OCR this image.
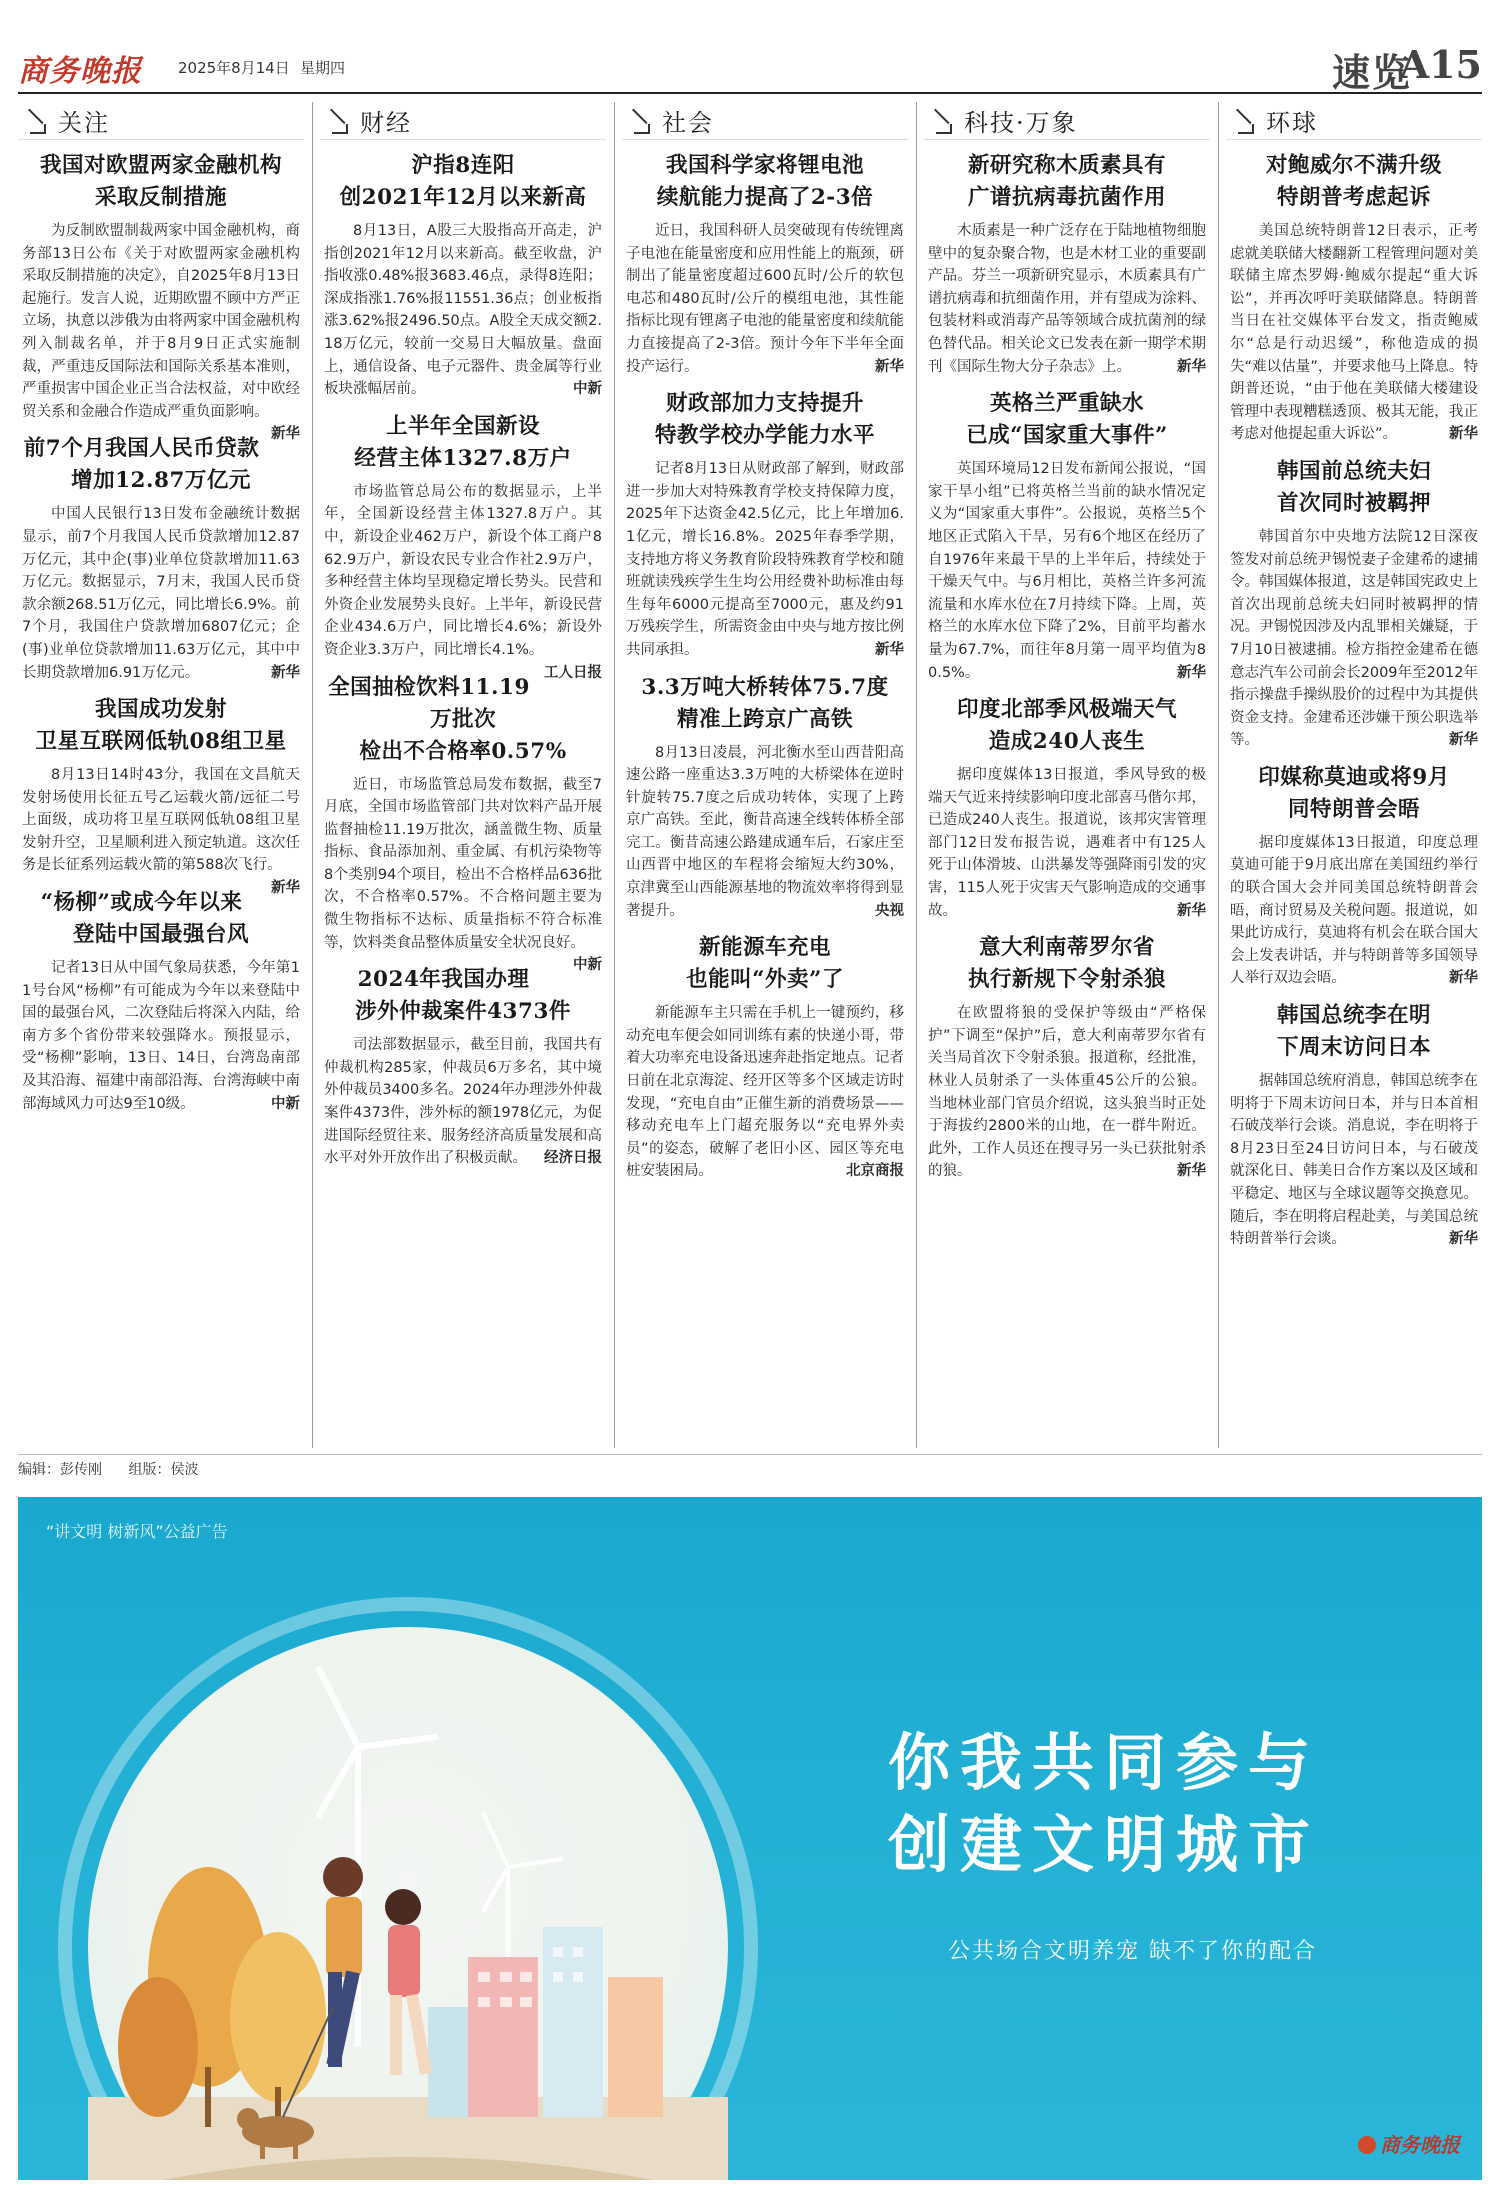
商务晚报 2025年8月14日 星期四	速览
A15
关注
我国对欧盟两家金融机构
采取反制措施
为反制欧盟制裁两家中国金融机构，商务部13日公布《关于对欧盟两家金融机构采取反制措施的决定》，自2025年8月13日起施行。发言人说，近期欧盟不顾中方严正立场，执意以涉俄为由将两家中国金融机构列入制裁名单，并于8月9日正式实施制裁，严重违反国际法和国际关系基本准则，严重损害中国企业正当合法权益，对中欧经贸关系和金融合作造成严重负面影响。
新华
前7个月我国人民币贷款
增加12.87万亿元
中国人民银行13日发布金融统计数据显示，前7个月我国人民币贷款增加12.87万亿元，其中企(事)业单位贷款增加11.63万亿元。数据显示，7月末，我国人民币贷款余额268.51万亿元，同比增长6.9%。前7个月，我国住户贷款增加6807亿元；企(事)业单位贷款增加11.63万亿元，其中中长期贷款增加6.91万亿元。	新华
我国成功发射
卫星互联网低轨08组卫星
8月13日14时43分，我国在文昌航天发射场使用长征五号乙运载火箭/远征二号上面级，成功将卫星互联网低轨08组卫星发射升空，卫星顺利进入预定轨道。这次任务是长征系列运载火箭的第588次飞行。
新华
“杨柳”或成今年以来
登陆中国最强台风
记者13日从中国气象局获悉，今年第11号台风“杨柳”有可能成为今年以来登陆中国的最强台风，二次登陆后将深入内陆，给南方多个省份带来较强降水。预报显示，受“杨柳”影响，13日、14日，台湾岛南部及其沿海、福建中南部沿海、台湾海峡中南部海域风力可达9至10级。	中新
财经
沪指8连阳
创2021年12月以来新高
8月13日，A股三大股指高开高走，沪指创2021年12月以来新高。截至收盘，沪指收涨0.48%报3683.46点，录得8连阳；深成指涨1.76%报11551.36点；创业板指涨3.62%报2496.50点。A股全天成交额2.18万亿元，较前一交易日大幅放量。盘面上，通信设备、电子元器件、贵金属等行业板块涨幅居前。	中新
上半年全国新设
经营主体1327.8万户
市场监管总局公布的数据显示，上半年，全国新设经营主体1327.8万户。其中，新设企业462万户，新设个体工商户862.9万户，新设农民专业合作社2.9万户，多种经营主体均呈现稳定增长势头。民营和外资企业发展势头良好。上半年，新设民营企业434.6万户，同比增长4.6%；新设外资企业3.3万户，同比增长4.1%。
工人日报
全国抽检饮料11.19万批次
检出不合格率0.57%
近日，市场监管总局发布数据，截至7月底，全国市场监管部门共对饮料产品开展监督抽检11.19万批次，涵盖微生物、质量指标、食品添加剂、重金属、有机污染物等8个类别94个项目，检出不合格样品636批次，不合格率0.57%。不合格问题主要为微生物指标不达标、质量指标不符合标准等，饮料类食品整体质量安全状况良好。
中新
2024年我国办理
涉外仲裁案件4373件
司法部数据显示，截至目前，我国共有仲裁机构285家，仲裁员6万多名，其中境外仲裁员3400多名。2024年办理涉外仲裁案件4373件，涉外标的额1978亿元，为促进国际经贸往来、服务经济高质量发展和高水平对外开放作出了积极贡献。 经济日报
社会
我国科学家将锂电池
续航能力提高了2-3倍
近日，我国科研人员突破现有传统锂离子电池在能量密度和应用性能上的瓶颈，研制出了能量密度超过600瓦时/公斤的软包电芯和480瓦时/公斤的模组电池，其性能指标比现有锂离子电池的能量密度和续航能力直接提高了2-3倍。预计今年下半年全面投产运行。	新华
财政部加力支持提升
特教学校办学能力水平
记者8月13日从财政部了解到，财政部进一步加大对特殊教育学校支持保障力度，2025年下达资金42.5亿元，比上年增加6.1亿元，增长16.8%。2025年春季学期，支持地方将义务教育阶段特殊教育学校和随班就读残疾学生生均公用经费补助标准由每生每年6000元提高至7000元，惠及约91万残疾学生，所需资金由中央与地方按比例共同承担。	新华
3.3万吨大桥转体75.7度
精准上跨京广高铁
8月13日凌晨，河北衡水至山西昔阳高速公路一座重达3.3万吨的大桥梁体在逆时针旋转75.7度之后成功转体，实现了上跨京广高铁。至此，衡昔高速全线转体桥全部完工。衡昔高速公路建成通车后，石家庄至山西晋中地区的车程将会缩短大约30%，京津冀至山西能源基地的物流效率将得到显著提升。	央视
新能源车充电
也能叫“外卖”了
新能源车主只需在手机上一键预约，移动充电车便会如同训练有素的快递小哥，带着大功率充电设备迅速奔赴指定地点。记者日前在北京海淀、经开区等多个区域走访时发现，“充电自由”正催生新的消费场景——移动充电车上门超充服务以“充电界外卖员”的姿态，破解了老旧小区、园区等充电桩安装困局。	北京商报
科技·万象
新研究称木质素具有
广谱抗病毒抗菌作用
木质素是一种广泛存在于陆地植物细胞壁中的复杂聚合物，也是木材工业的重要副产品。芬兰一项新研究显示，木质素具有广谱抗病毒和抗细菌作用，并有望成为涂料、包装材料或消毒产品等领域合成抗菌剂的绿色替代品。相关论文已发表在新一期学术期刊《国际生物大分子杂志》上。	新华
英格兰严重缺水
已成“国家重大事件”
英国环境局12日发布新闻公报说，“国家干旱小组”已将英格兰当前的缺水情况定义为“国家重大事件”。公报说，英格兰5个地区正式陷入干旱，另有6个地区在经历了自1976年来最干旱的上半年后，持续处于干燥天气中。与6月相比，英格兰许多河流流量和水库水位在7月持续下降。上周，英格兰的水库水位下降了2%，目前平均蓄水量为67.7%，而往年8月第一周平均值为80.5%。	新华
印度北部季风极端天气
造成240人丧生
据印度媒体13日报道，季风导致的极端天气近来持续影响印度北部喜马偕尔邦，已造成240人丧生。报道说，该邦灾害管理部门12日发布报告说，遇难者中有125人死于山体滑坡、山洪暴发等强降雨引发的灾害，115人死于灾害天气影响造成的交通事故。	新华
意大利南蒂罗尔省
执行新规下令射杀狼
在欧盟将狼的受保护等级由“严格保护”下调至“保护”后，意大利南蒂罗尔省有关当局首次下令射杀狼。报道称，经批准，林业人员射杀了一头体重45公斤的公狼。当地林业部门官员介绍说，这头狼当时正处于海拔约2800米的山地，在一群牛附近。此外，工作人员还在搜寻另一头已获批射杀的狼。	新华
环球
对鲍威尔不满升级
特朗普考虑起诉
美国总统特朗普12日表示，正考虑就美联储大楼翻新工程管理问题对美联储主席杰罗姆·鲍威尔提起“重大诉讼”，并再次呼吁美联储降息。特朗普当日在社交媒体平台发文，指责鲍威尔“总是行动迟缓”，称他造成的损失“难以估量”，并要求他马上降息。特朗普还说，“由于他在美联储大楼建设管理中表现糟糕透顶、极其无能，我正考虑对他提起重大诉讼”。	新华
韩国前总统夫妇
首次同时被羁押
韩国首尔中央地方法院12日深夜签发对前总统尹锡悦妻子金建希的逮捕令。韩国媒体报道，这是韩国宪政史上首次出现前总统夫妇同时被羁押的情况。尹锡悦因涉及内乱罪相关嫌疑，于7月10日被逮捕。检方指控金建希在德意志汽车公司前会长2009年至2012年指示操盘手操纵股价的过程中为其提供资金支持。金建希还涉嫌干预公职选举等。	新华
印媒称莫迪或将9月
同特朗普会晤
据印度媒体13日报道，印度总理莫迪可能于9月底出席在美国纽约举行的联合国大会并同美国总统特朗普会晤，商讨贸易及关税问题。报道说，如果此访成行，莫迪将有机会在联合国大会上发表讲话，并与特朗普等多国领导人举行双边会晤。	新华
韩国总统李在明
下周末访问日本
据韩国总统府消息，韩国总统李在明将于下周末访问日本，并与日本首相石破茂举行会谈。消息说，李在明将于8月23日至24日访问日本，与石破茂就深化日、韩美日合作方案以及区域和平稳定、地区与全球议题等交换意见。随后，李在明将启程赴美，与美国总统特朗普举行会谈。	新华
编辑：彭传刚 组版：侯波
“讲文明 树新风”公益广告
你我共同参与
创建文明城市
公共场合文明养宠 缺不了你的配合
商务晚报
